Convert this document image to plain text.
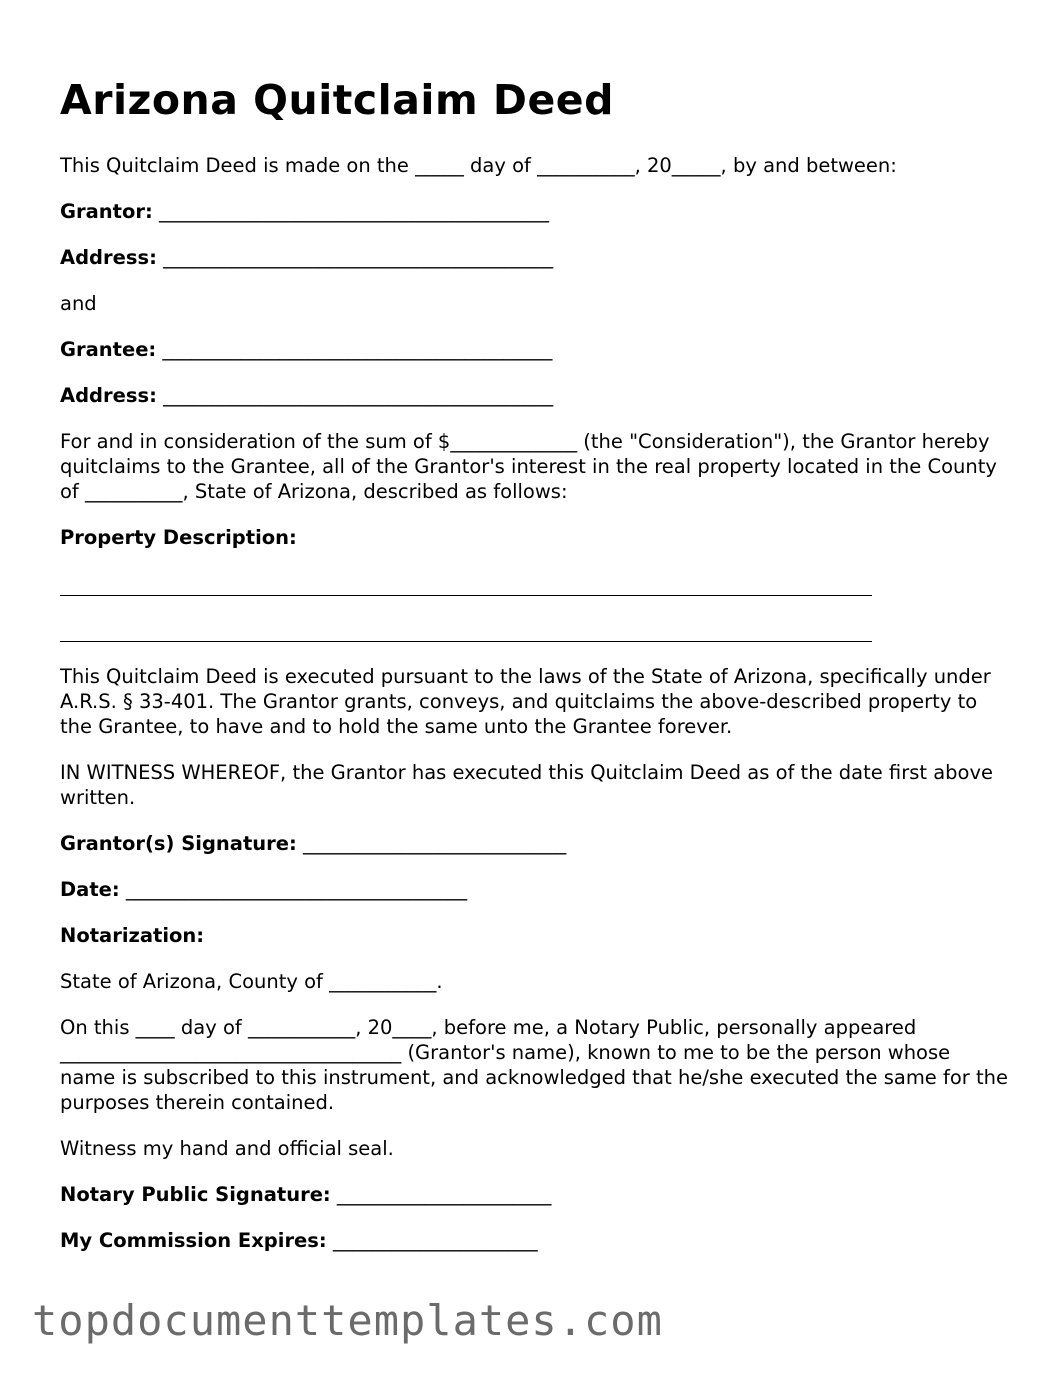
Arizona Quitclaim Deed

This Quitclaim Deed is made on the _____ day of __________, 20_____, by and between:

Grantor: ________________________________________

Address: ________________________________________

and

Grantee: ________________________________________

Address: ________________________________________

For and in consideration of the sum of $_____________ (the "Consideration"), the Grantor hereby quitclaims to the Grantee, all of the Grantor's interest in the real property located in the County of __________, State of Arizona, described as follows:

Property Description:

This Quitclaim Deed is executed pursuant to the laws of the State of Arizona, specifically under A.R.S. § 33-401. The Grantor grants, conveys, and quitclaims the above-described property to the Grantee, to have and to hold the same unto the Grantee forever.

IN WITNESS WHEREOF, the Grantor has executed this Quitclaim Deed as of the date first above written.

Grantor(s) Signature: ___________________________

Date: ___________________________________

Notarization:

State of Arizona, County of ___________.

On this ____ day of ___________, 20____, before me, a Notary Public, personally appeared ___________________________________ (Grantor's name), known to me to be the person whose name is subscribed to this instrument, and acknowledged that he/she executed the same for the purposes therein contained.

Witness my hand and official seal.

Notary Public Signature: ______________________

My Commission Expires: _____________________

topdocumenttemplates.com
